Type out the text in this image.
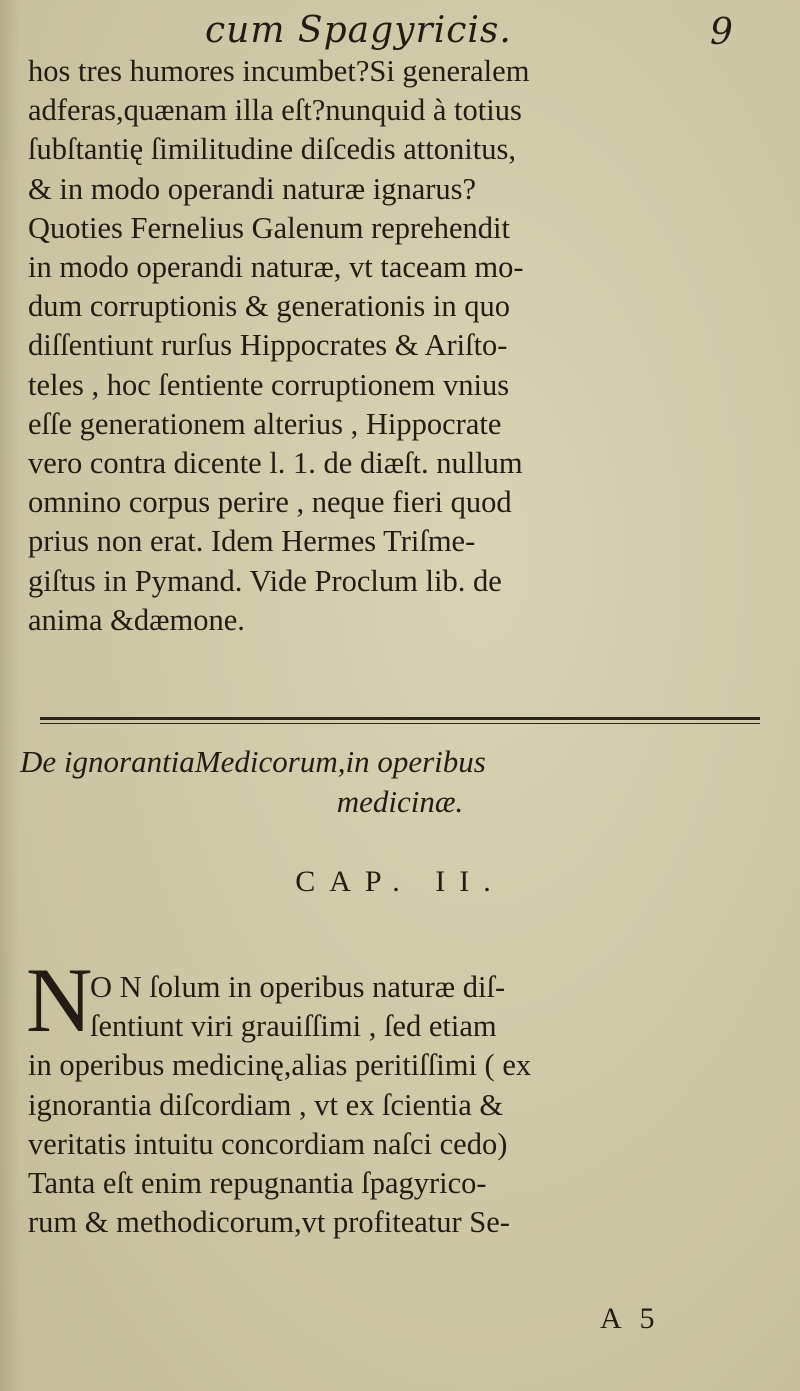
cum Spagyricis.	9

hos tres humores incumbet?Si generalem
adferas,quænam illa eſt?nunquid à totius
ſubſtantię ſimilitudine diſcedis attonitus,
& in modo operandi naturæ ignarus?
Quoties Fernelius Galenum reprehendit
in modo operandi naturæ, vt taceam mo-
dum corruptionis & generationis in quo
diſſentiunt rurſus Hippocrates & Ariſto-
teles , hoc ſentiente corruptionem vnius
eſſe generationem alterius , Hippocrate
vero contra dicente l. 1. de diæſt. nullum
omnino corpus perire , neque fieri quod
prius non erat. Idem Hermes Triſme-
giſtus in Pymand. Vide Proclum lib. de
anima &dæmone.

De ignorantiaMedicorum,in operibus
medicinæ.
CAP. II.
N

O N ſolum in operibus naturæ diſ-
ſentiunt viri grauiſſimi , ſed etiam
in operibus medicinę,alias peritiſſimi ( ex
ignorantia diſcordiam , vt ex ſcientia &
veritatis intuitu concordiam naſci cedo)
Tanta eſt enim repugnantia ſpagyrico-
rum & methodicorum,vt profiteatur Se-

A 5
